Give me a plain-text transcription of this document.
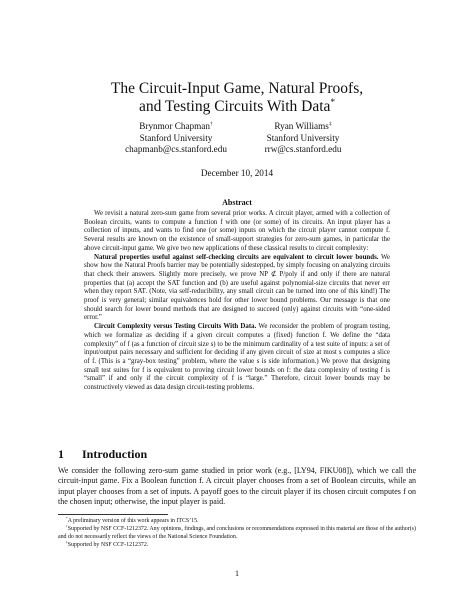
The Circuit-Input Game, Natural Proofs,
and Testing Circuits With Data*
Brynmor Chapman†
Stanford University
chapmanb@cs.stanford.edu
Ryan Williams‡
Stanford University
rrw@cs.stanford.edu
December 10, 2014
Abstract

We revisit a natural zero-sum game from several prior works. A circuit player, armed with a collection of Boolean circuits, wants to compute a function f with one (or some) of its circuits. An input player has a collection of inputs, and wants to find one (or some) inputs on which the circuit player cannot compute f. Several results are known on the existence of small-support strategies for zero-sum games, in particular the above circuit-input game. We give two new applications of these classical results to circuit complexity:

Natural properties useful against self-checking circuits are equivalent to circuit lower bounds. We show how the Natural Proofs barrier may be potentially sidestepped, by simply focusing on analyzing circuits that check their answers. Slightly more precisely, we prove NP ⊄ P/poly if and only if there are natural properties that (a) accept the SAT function and (b) are useful against polynomial-size circuits that never err when they report SAT. (Note, via self-reducibility, any small circuit can be turned into one of this kind!) The proof is very general; similar equivalences hold for other lower bound problems. Our message is that one should search for lower bound methods that are designed to succeed (only) against circuits with “one-sided error.”

Circuit Complexity versus Testing Circuits With Data. We reconsider the problem of program testing, which we formalize as deciding if a given circuit computes a (fixed) function f. We define the “data complexity” of f (as a function of circuit size s) to be the minimum cardinality of a test suite of inputs: a set of input/output pairs necessary and sufficient for deciding if any given circuit of size at most s computes a slice of f. (This is a “gray-box testing” problem, where the value s is side information.) We prove that designing small test suites for f is equivalent to proving circuit lower bounds on f: the data complexity of testing f is “small” if and only if the circuit complexity of f is “large.” Therefore, circuit lower bounds may be constructively viewed as data design circuit-testing problems.

1 Introduction
We consider the following zero-sum game studied in prior work (e.g., [LY94, FIKU08]), which we call the circuit-input game. Fix a Boolean function f. A circuit player chooses from a set of Boolean circuits, while an input player chooses from a set of inputs. A payoff goes to the circuit player if its chosen circuit computes f on the chosen input; otherwise, the input player is paid.

*A preliminary version of this work appears in ITCS’15.

†Supported by NSF CCF-1212372. Any opinions, findings, and conclusions or recommendations expressed in this material are those of the author(s) and do not necessarily reflect the views of the National Science Foundation.

‡Supported by NSF CCF-1212372.

1
